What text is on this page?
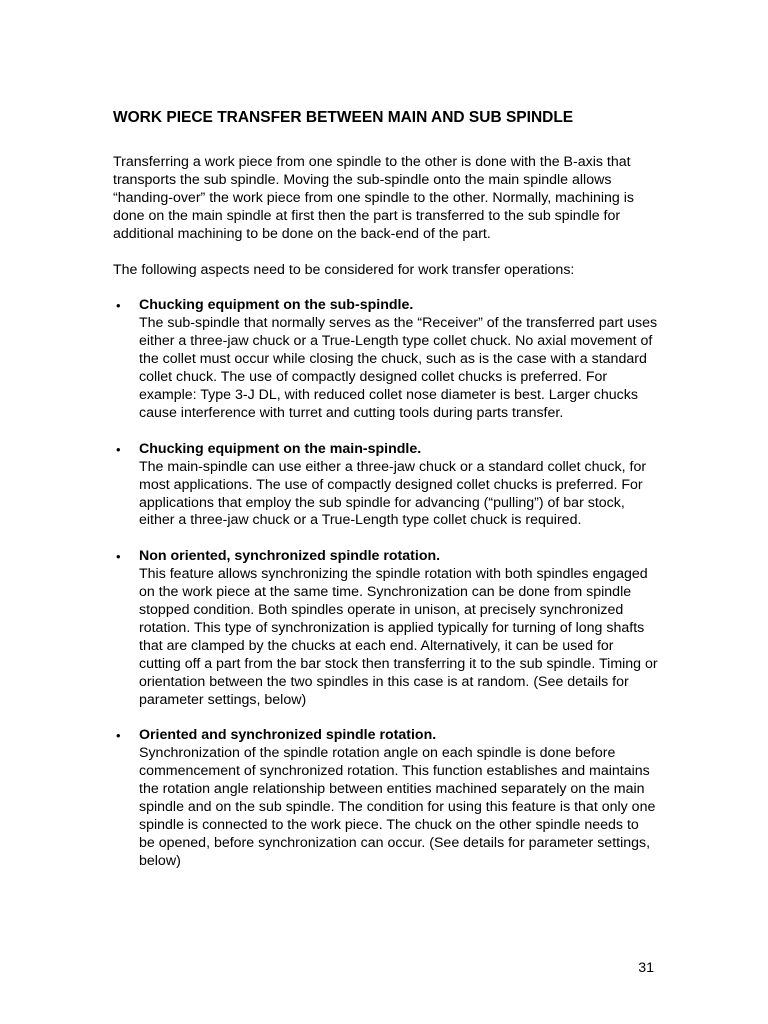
WORK PIECE TRANSFER BETWEEN MAIN AND SUB SPINDLE

Transferring a work piece from one spindle to the other is done with the B-axis that transports the sub spindle. Moving the sub-spindle onto the main spindle allows “handing-over” the work piece from one spindle to the other. Normally, machining is done on the main spindle at first then the part is transferred to the sub spindle for additional machining to be done on the back-end of the part.

The following aspects need to be considered for work transfer operations:

• Chucking equipment on the sub-spindle.
The sub-spindle that normally serves as the “Receiver” of the transferred part uses either a three-jaw chuck or a True-Length type collet chuck. No axial movement of the collet must occur while closing the chuck, such as is the case with a standard collet chuck. The use of compactly designed collet chucks is preferred. For example: Type 3-J DL, with reduced collet nose diameter is best. Larger chucks cause interference with turret and cutting tools during parts transfer.
• Chucking equipment on the main-spindle.
The main-spindle can use either a three-jaw chuck or a standard collet chuck, for most applications. The use of compactly designed collet chucks is preferred. For applications that employ the sub spindle for advancing (“pulling”) of bar stock, either a three-jaw chuck or a True-Length type collet chuck is required.
• Non oriented, synchronized spindle rotation.
This feature allows synchronizing the spindle rotation with both spindles engaged on the work piece at the same time. Synchronization can be done from spindle stopped condition. Both spindles operate in unison, at precisely synchronized rotation. This type of synchronization is applied typically for turning of long shafts that are clamped by the chucks at each end. Alternatively, it can be used for cutting off a part from the bar stock then transferring it to the sub spindle. Timing or orientation between the two spindles in this case is at random. (See details for parameter settings, below)
• Oriented and synchronized spindle rotation.
Synchronization of the spindle rotation angle on each spindle is done before commencement of synchronized rotation. This function establishes and maintains the rotation angle relationship between entities machined separately on the main spindle and on the sub spindle. The condition for using this feature is that only one spindle is connected to the work piece. The chuck on the other spindle needs to be opened, before synchronization can occur. (See details for parameter settings, below)
31
